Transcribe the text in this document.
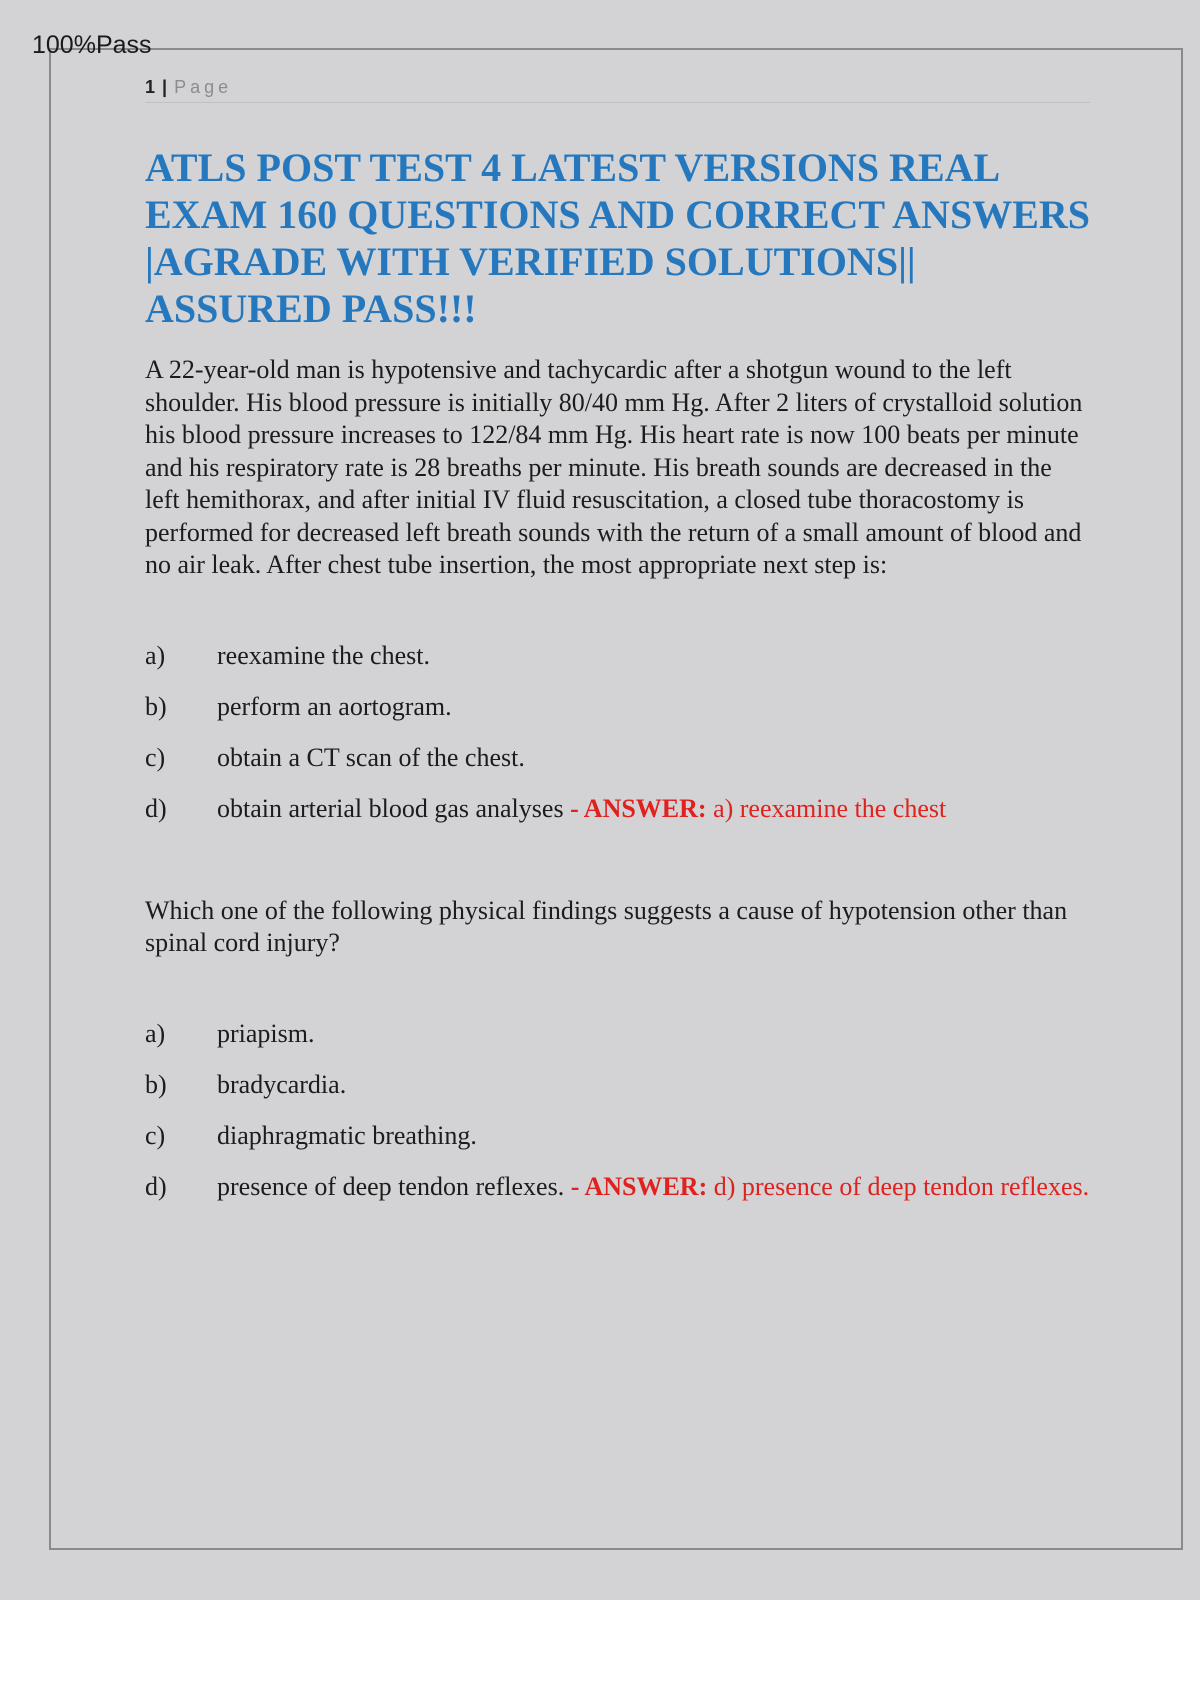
100%Pass
1 | Page
ATLS POST TEST 4 LATEST VERSIONS REAL EXAM 160 QUESTIONS AND CORRECT ANSWERS |AGRADE WITH VERIFIED SOLUTIONS|| ASSURED PASS!!!

A 22-year-old man is hypotensive and tachycardic after a shotgun wound to the left shoulder. His blood pressure is initially 80/40 mm Hg. After 2 liters of crystalloid solution his blood pressure increases to 122/84 mm Hg. His heart rate is now 100 beats per minute and his respiratory rate is 28 breaths per minute. His breath sounds are decreased in the left hemithorax, and after initial IV fluid resuscitation, a closed tube thoracostomy is performed for decreased left breath sounds with the return of a small amount of blood and no air leak. After chest tube insertion, the most appropriate next step is:

a) reexamine the chest.
b) perform an aortogram.
c) obtain a CT scan of the chest.
d) obtain arterial blood gas analyses - ANSWER: a) reexamine the chest

Which one of the following physical findings suggests a cause of hypotension other than spinal cord injury?

a) priapism.
b) bradycardia.
c) diaphragmatic breathing.
d) presence of deep tendon reflexes. - ANSWER: d) presence of deep tendon reflexes.
